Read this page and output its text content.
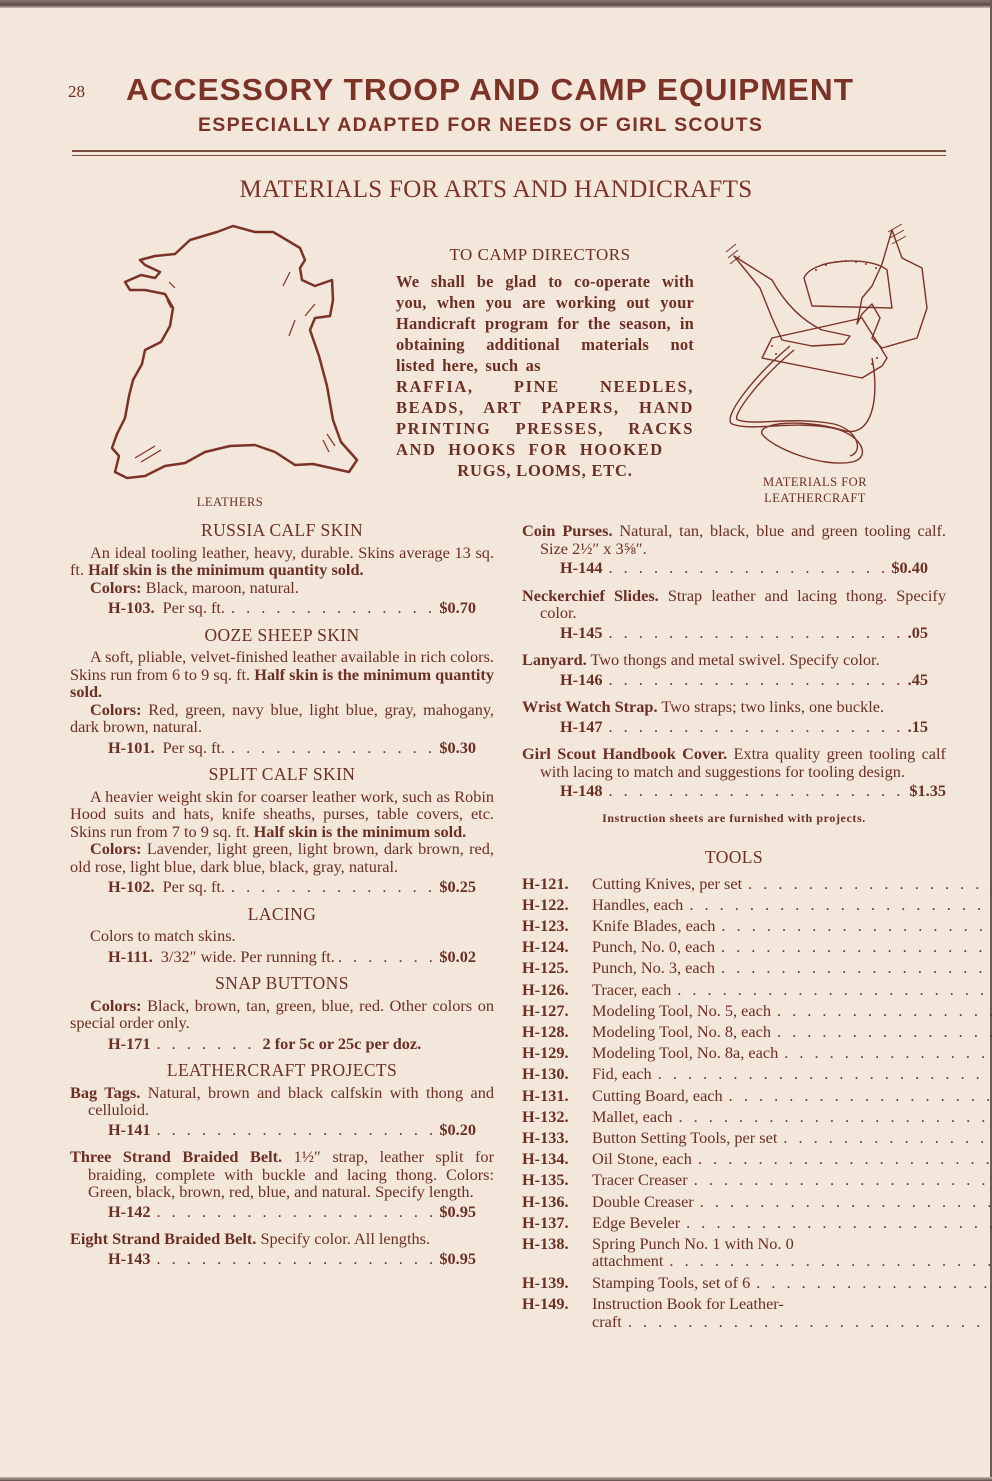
28 ACCESSORY TROOP AND CAMP EQUIPMENT
ESPECIALLY ADAPTED FOR NEEDS OF GIRL SCOUTS
MATERIALS FOR ARTS AND HANDICRAFTS
LEATHERS
TO CAMP DIRECTORS
We shall be glad to co-operate with you, when you are working out your Handicraft program for the season, in obtaining additional materials not listed here, such as
RAFFIA, PINE NEEDLES, BEADS, ART PAPERS, HAND PRINTING PRESSES, RACKS AND HOOKS FOR HOOKED
RUGS, LOOMS, ETC.
MATERIALS FOR
LEATHERCRAFT
RUSSIA CALF SKIN
An ideal tooling leather, heavy, durable. Skins average 13 sq. ft. Half skin is the minimum quantity sold.
Colors: Black, maroon, natural.
H-103. Per sq. ft. . . .	$0.70
OOZE SHEEP SKIN
A soft, pliable, velvet-finished leather available in rich colors. Skins run from 6 to 9 sq. ft. Half skin is the minimum quantity sold.
Colors: Red, green, navy blue, light blue, gray, mahogany, dark brown, natural.
H-101. Per sq. ft. . . .	$0.30
SPLIT CALF SKIN
A heavier weight skin for coarser leather work, such as Robin Hood suits and hats, knife sheaths, purses, table covers, etc. Skins run from 7 to 9 sq. ft. Half skin is the minimum sold.
Colors: Lavender, light green, light brown, dark brown, red, old rose, light blue, dark blue, black, gray, natural.
H-102. Per sq. ft. . . .	$0.25
LACING
Colors to match skins.
H-111. 3/32″ wide. Per running ft. . . .	$0.02
SNAP BUTTONS
Colors: Black, brown, tan, green, blue, red. Other colors on special order only.
H-171 . . .	2 for 5c or 25c per doz.
LEATHERCRAFT PROJECTS
Bag Tags. Natural, brown and black calfskin with thong and celluloid.
H-141 . . .	$0.20
Three Strand Braided Belt. 1½″ strap, leather split for braiding, complete with buckle and lacing thong. Colors: Green, black, brown, red, blue, and natural. Specify length.
H-142 . . .	$0.95
Eight Strand Braided Belt. Specify color. All lengths.
H-143 . . .	$0.95
Coin Purses. Natural, tan, black, blue and green tooling calf. Size 2½″ x 3⅝″.
H-144 . . .	$0.40
Neckerchief Slides. Strap leather and lacing thong. Specify color.
H-145 . . .	.05
Lanyard. Two thongs and metal swivel. Specify color.
H-146 . . .	.45
Wrist Watch Strap. Two straps; two links, one buckle.
H-147 . . .	.15
Girl Scout Handbook Cover. Extra quality green tooling calf with lacing to match and suggestions for tooling design.
H-148 . . .	$1.35
Instruction sheets are furnished with projects.
TOOLS
H-121.	Cutting Knives, per set
. . .
H-122.	Handles, each
. . .
H-123.	Knife Blades, each
. . .
H-124.	Punch, No. 0, each
. . .
H-125.	Punch, No. 3, each
. . .
H-126.	Tracer, each
. . .
H-127.	Modeling Tool, No. 5, each
. . .
H-128.	Modeling Tool, No. 8, each
. . .
H-129.	Modeling Tool, No. 8a, each
. . .
H-130.	Fid, each
. . .
H-131.	Cutting Board, each
. . .
H-132.	Mallet, each
. . .
H-133.	Button Setting Tools, per set
. . .
H-134.	Oil Stone, each
. . .
H-135.	Tracer Creaser
. . .
H-136.	Double Creaser
. . .
H-137.	Edge Beveler
. . .
H-138.	Spring Punch No. 1 with No. 0
attachment
. . .
H-139.	Stamping Tools, set of 6
. . .
H-149.	Instruction Book for Leather-
craft
. . .
